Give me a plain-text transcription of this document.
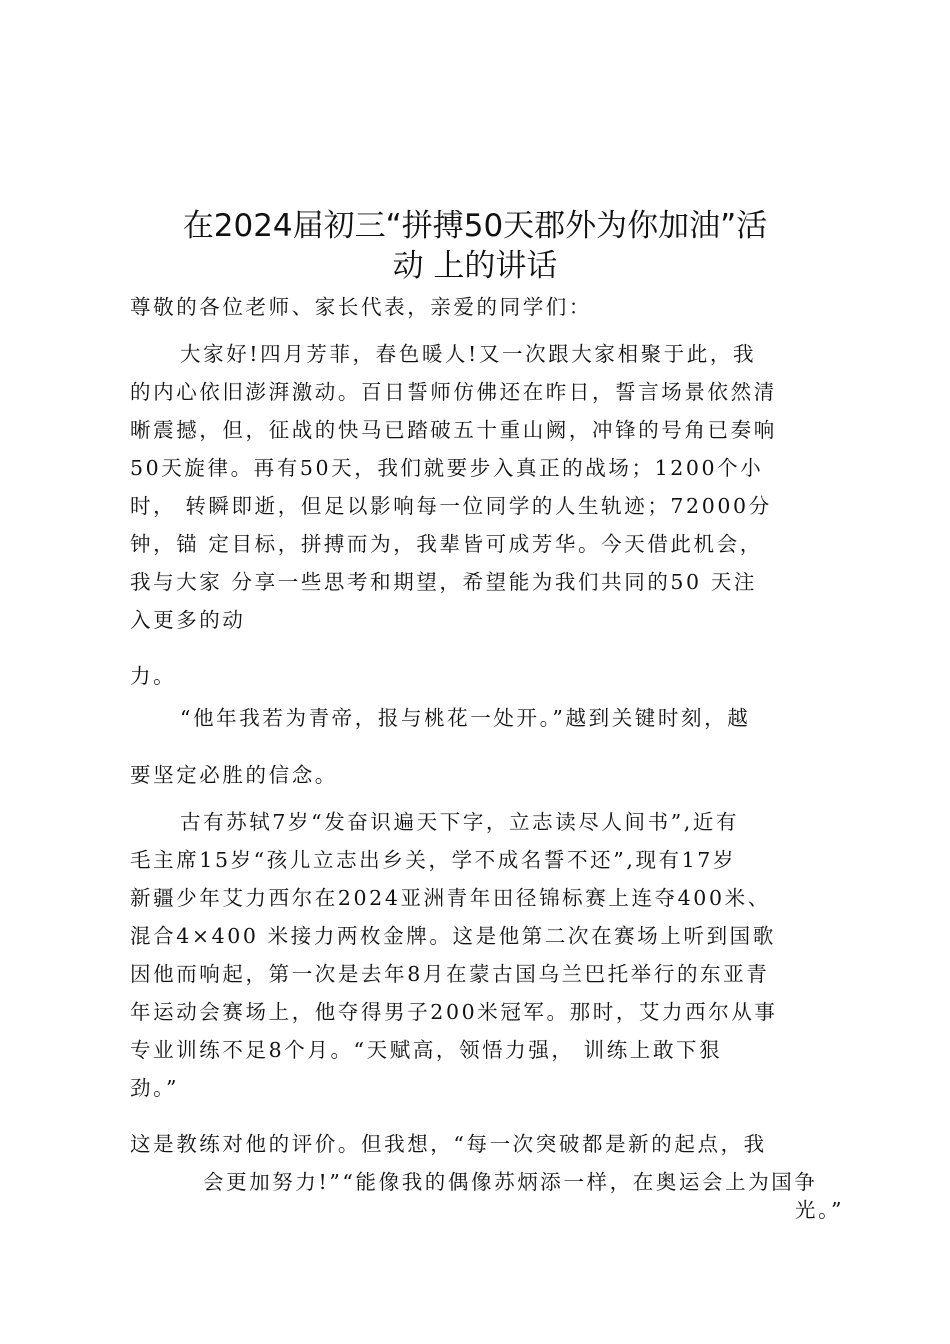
在2024届初三“拼搏50天郡外为你加油”活
动 上的讲话

尊敬的各位老师、家长代表，亲爱的同学们：

大家好!四月芳菲，春色暖人!又一次跟大家相聚于此，我

的内心依旧澎湃激动。百日誓师仿佛还在昨日，誓言场景依然清

晰震撼，但，征战的快马已踏破五十重山阙，冲锋的号角已奏响

50天旋律。再有50天，我们就要步入真正的战场；1200个小

时， 转瞬即逝，但足以影响每一位同学的人生轨迹；72000分

钟，锚 定目标，拼搏而为，我辈皆可成芳华。今天借此机会，

我与大家 分享一些思考和期望，希望能为我们共同的50 天注

入更多的动

力。

“他年我若为青帝，报与桃花一处开。”越到关键时刻，越

要坚定必胜的信念。

古有苏轼7岁“发奋识遍天下字，立志读尽人间书”,近有

毛主席15岁“孩儿立志出乡关，学不成名誓不还”,现有17岁

新疆少年艾力西尔在2024亚洲青年田径锦标赛上连夺400米、

混合4×400 米接力两枚金牌。这是他第二次在赛场上听到国歌

因他而响起，第一次是去年8月在蒙古国乌兰巴托举行的东亚青

年运动会赛场上，他夺得男子200米冠军。那时，艾力西尔从事

专业训练不足8个月。“天赋高，领悟力强， 训练上敢下狠

劲。”

这是教练对他的评价。但我想，“每一次突破都是新的起点，我

会更加努力!”“能像我的偶像苏炳添一样，在奥运会上为国争

光。”
